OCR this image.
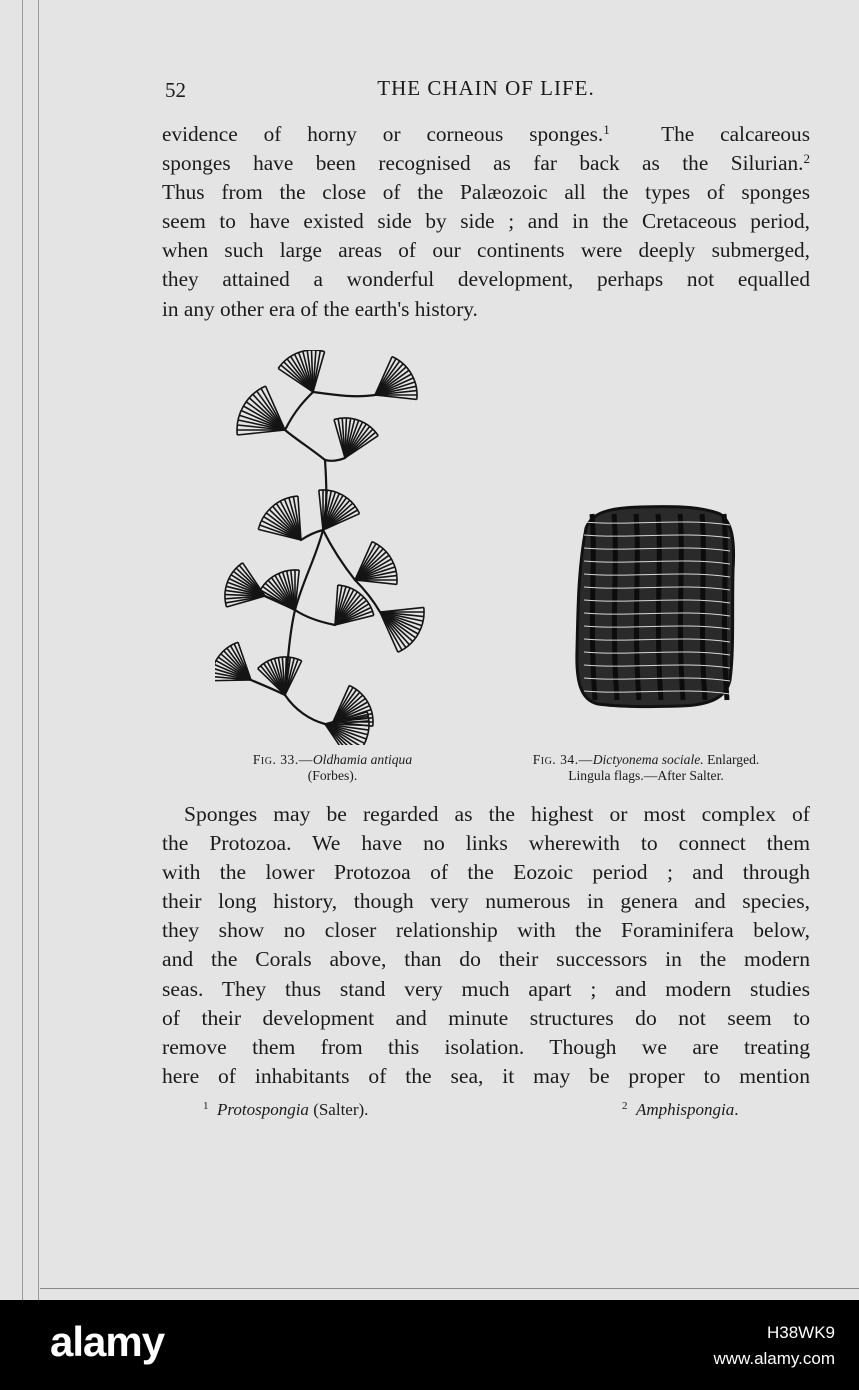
52	THE CHAIN OF LIFE.
evidence of horny or corneous sponges.$^1$ The calcareous
sponges have been recognised as far back as the Silurian.$^2$
Thus from the close of the Palæozoic all the types of sponges
seem to have existed side by side ; and in the Cretaceous period,
when such large areas of our continents were deeply submerged,
they attained a wonderful development, perhaps not equalled
in any other era of the earth's history.
Fig. 33.—Oldhamia antiqua
(Forbes).
Fig. 34.—Dictyonema sociale. Enlarged.
Lingula flags.—After Salter.
Sponges may be regarded as the highest or most complex of
the Protozoa. We have no links wherewith to connect them
with the lower Protozoa of the Eozoic period ; and through
their long history, though very numerous in genera and species,
they show no closer relationship with the Foraminifera below,
and the Corals above, than do their successors in the modern
seas. They thus stand very much apart ; and modern studies
of their development and minute structures do not seem to
remove them from this isolation. Though we are treating
here of inhabitants of the sea, it may be proper to mention
$^1$ Protospongia (Salter).	$^2$ Amphispongia.
alamy	H38WK9
www.alamy.com
